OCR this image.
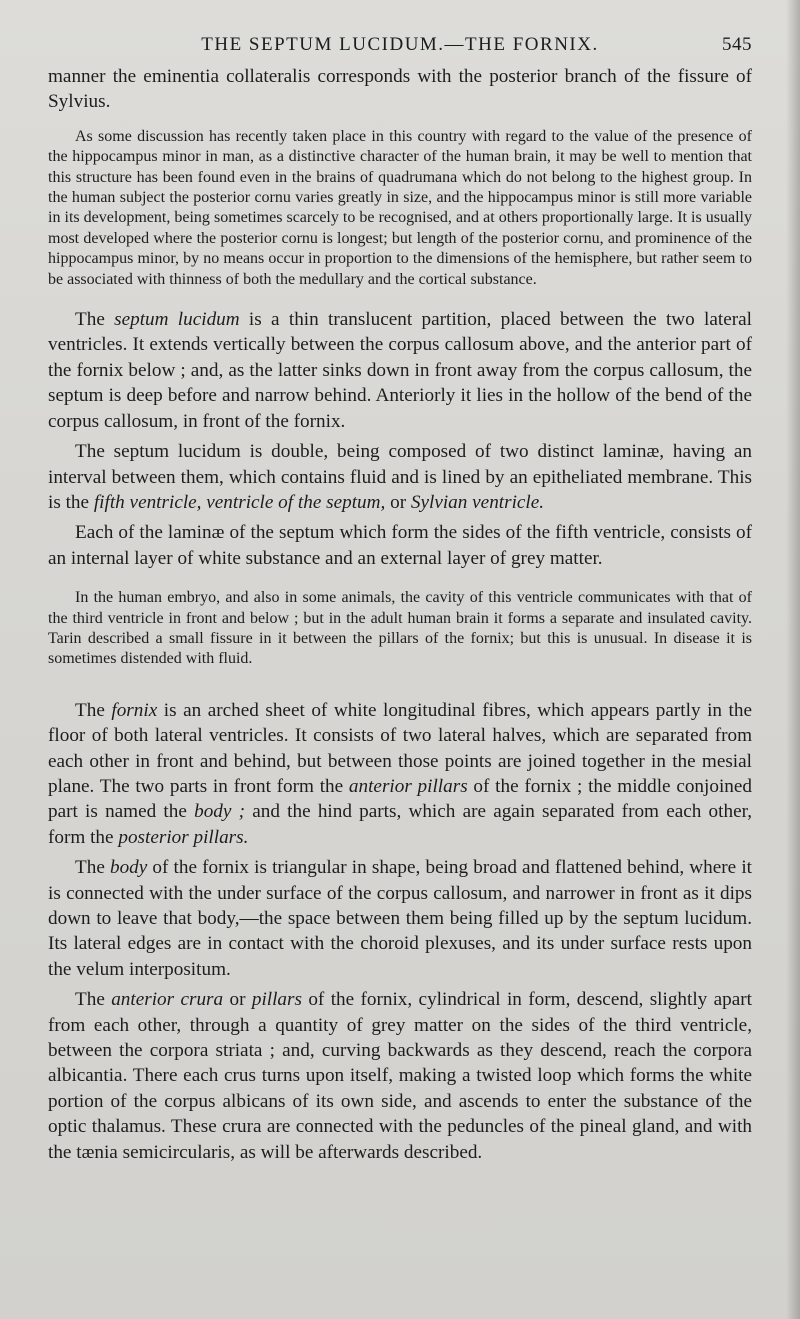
THE SEPTUM LUCIDUM.—THE FORNIX.	545

manner the eminentia collateralis corresponds with the posterior branch of the fissure of Sylvius.

As some discussion has recently taken place in this country with regard to the value of the presence of the hippocampus minor in man, as a distinctive character of the human brain, it may be well to mention that this structure has been found even in the brains of quadrumana which do not belong to the highest group. In the human subject the posterior cornu varies greatly in size, and the hippocampus minor is still more variable in its development, being sometimes scarcely to be recognised, and at others proportionally large. It is usually most developed where the posterior cornu is longest; but length of the posterior cornu, and prominence of the hippocampus minor, by no means occur in proportion to the dimensions of the hemisphere, but rather seem to be associated with thinness of both the medullary and the cortical substance.

The septum lucidum is a thin translucent partition, placed between the two lateral ventricles. It extends vertically between the corpus callosum above, and the anterior part of the fornix below ; and, as the latter sinks down in front away from the corpus callosum, the septum is deep before and narrow behind. Anteriorly it lies in the hollow of the bend of the corpus callosum, in front of the fornix.

The septum lucidum is double, being composed of two distinct laminæ, having an interval between them, which contains fluid and is lined by an epitheliated membrane. This is the fifth ventricle, ventricle of the septum, or Sylvian ventricle.

Each of the laminæ of the septum which form the sides of the fifth ventricle, consists of an internal layer of white substance and an external layer of grey matter.

In the human embryo, and also in some animals, the cavity of this ventricle communicates with that of the third ventricle in front and below ; but in the adult human brain it forms a separate and insulated cavity. Tarin described a small fissure in it between the pillars of the fornix; but this is unusual. In disease it is sometimes distended with fluid.

The fornix is an arched sheet of white longitudinal fibres, which appears partly in the floor of both lateral ventricles. It consists of two lateral halves, which are separated from each other in front and behind, but between those points are joined together in the mesial plane. The two parts in front form the anterior pillars of the fornix ; the middle conjoined part is named the body ; and the hind parts, which are again separated from each other, form the posterior pillars.

The body of the fornix is triangular in shape, being broad and flattened behind, where it is connected with the under surface of the corpus callosum, and narrower in front as it dips down to leave that body,—the space between them being filled up by the septum lucidum. Its lateral edges are in contact with the choroid plexuses, and its under surface rests upon the velum interpositum.

The anterior crura or pillars of the fornix, cylindrical in form, descend, slightly apart from each other, through a quantity of grey matter on the sides of the third ventricle, between the corpora striata ; and, curving backwards as they descend, reach the corpora albicantia. There each crus turns upon itself, making a twisted loop which forms the white portion of the corpus albicans of its own side, and ascends to enter the substance of the optic thalamus. These crura are connected with the peduncles of the pineal gland, and with the tænia semicircularis, as will be afterwards described.
